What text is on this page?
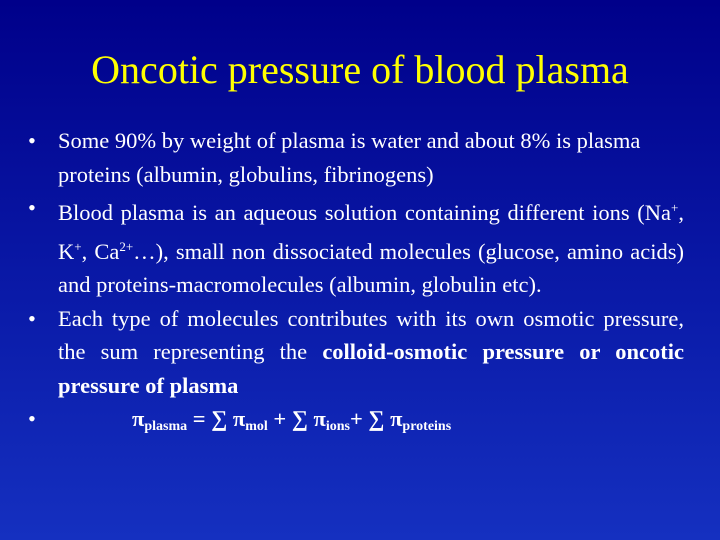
Oncotic pressure of blood plasma
• Some 90% by weight of plasma is water and about 8% is plasma proteins (albumin, globulins, fibrinogens)
• Blood plasma is an aqueous solution containing different ions (Na+, K+, $Ca^{2+}\dots$), small non dissociated molecules (glucose, amino acids) and proteins-macromolecules (albumin, globulin etc).
• Each type of molecules contributes with its own osmotic pressure, the sum representing the colloid-osmotic pressure or oncotic pressure of plasma
•	$\pi_{plasma}$ = ∑ $\pi_{mol}$ + ∑ $\pi_{ions}+$ ∑ $\pi_{proteins}$
